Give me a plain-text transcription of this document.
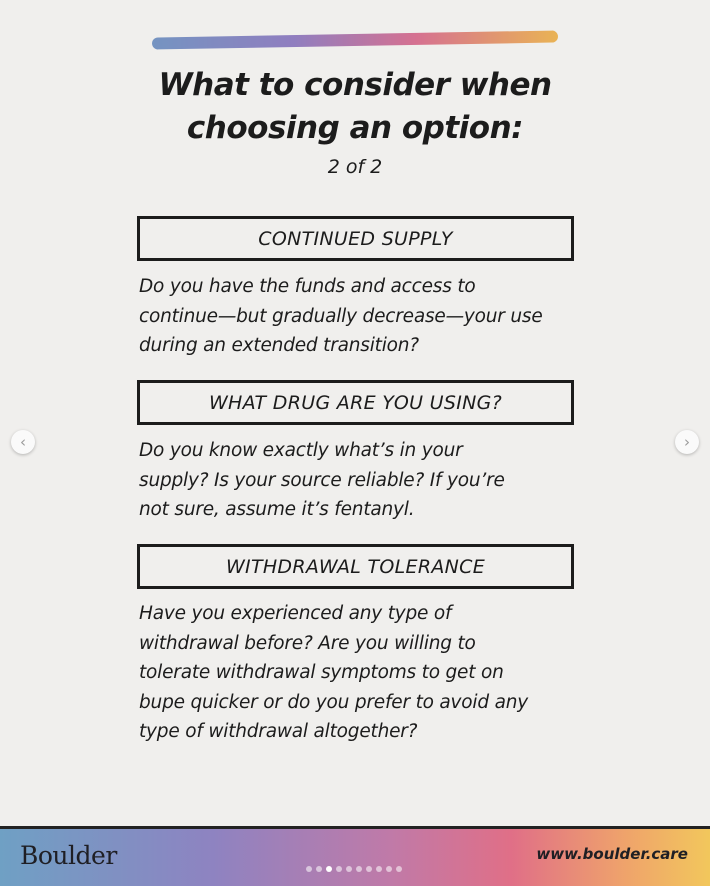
What to consider when
choosing an option:
2 of 2
CONTINUED SUPPLY
Do you have the funds and access to
continue—but gradually decrease—your use
during an extended transition?
WHAT DRUG ARE YOU USING?
Do you know exactly what’s in your
supply? Is your source reliable? If you’re
not sure, assume it’s fentanyl.
WITHDRAWAL TOLERANCE
Have you experienced any type of
withdrawal before? Are you willing to
tolerate withdrawal symptoms to get on
bupe quicker or do you prefer to avoid any
type of withdrawal altogether?
‹	›
Boulder	www.boulder.care
